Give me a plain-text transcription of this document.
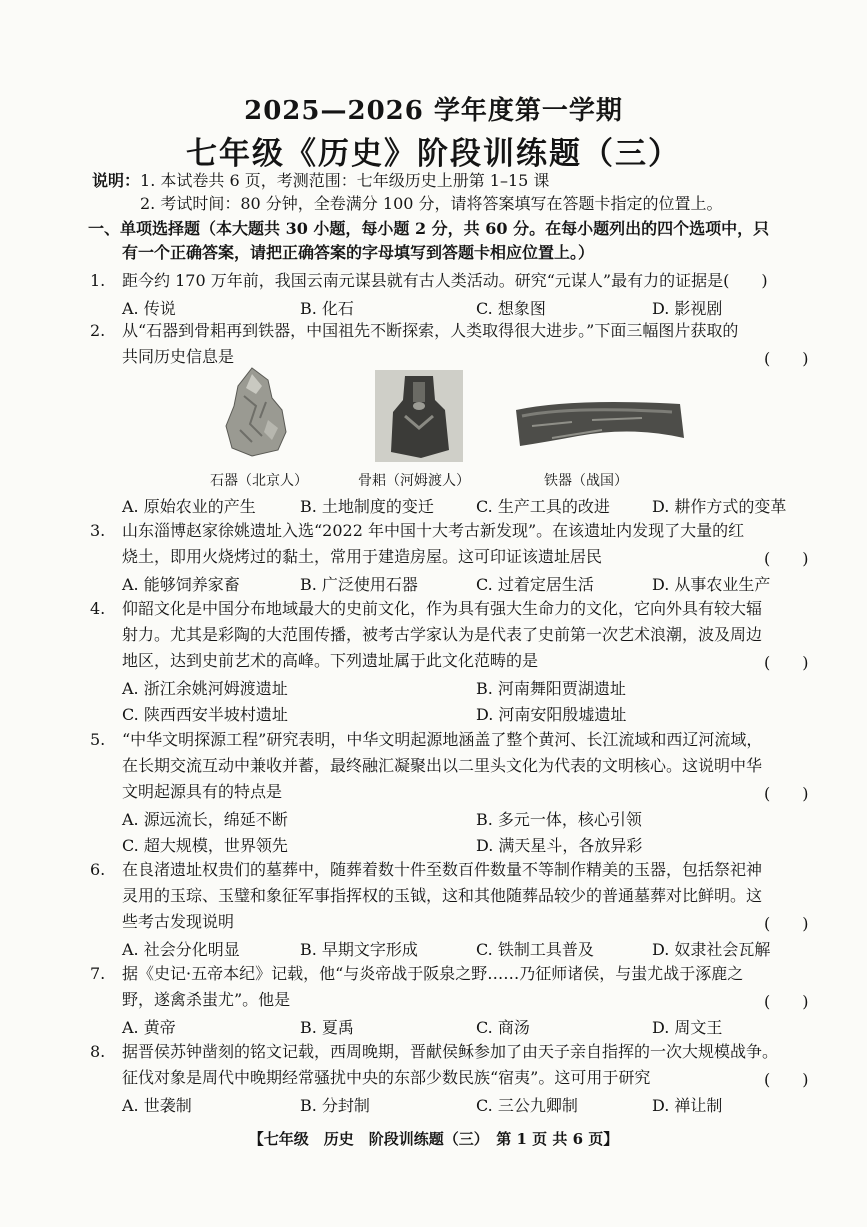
2025—2026 学年度第一学期
七年级《历史》阶段训练题（三）
说明：1. 本试卷共 6 页，考测范围：七年级历史上册第 1–15 课
2. 考试时间：80 分钟，全卷满分 100 分，请将答案填写在答题卡指定的位置上。
一、单项选择题（本大题共 30 小题，每小题 2 分，共 60 分。在每小题列出的四个选项中，只
有一个正确答案，请把正确答案的字母填写到答题卡相应位置上。）
1. 距今约 170 万年前，我国云南元谋县就有古人类活动。研究“元谋人”最有力的证据是(　　)
A. 传说	B. 化石	C. 想象图	D. 影视剧
2. 从“石器到骨耜再到铁器，中国祖先不断探索，人类取得很大进步。”下面三幅图片获取的
共同历史信息是	(　　)
石器（北京人）	骨耜（河姆渡人）	铁器（战国）
A. 原始农业的产生	B. 土地制度的变迁	C. 生产工具的改进	D. 耕作方式的变革
3. 山东淄博赵家徐姚遗址入选“2022 年中国十大考古新发现”。在该遗址内发现了大量的红
烧土，即用火烧烤过的黏土，常用于建造房屋。这可印证该遗址居民	(　　)
A. 能够饲养家畜	B. 广泛使用石器	C. 过着定居生活	D. 从事农业生产
4. 仰韶文化是中国分布地域最大的史前文化，作为具有强大生命力的文化，它向外具有较大辐
射力。尤其是彩陶的大范围传播，被考古学家认为是代表了史前第一次艺术浪潮，波及周边
地区，达到史前艺术的高峰。下列遗址属于此文化范畴的是	(　　)
A. 浙江余姚河姆渡遗址	B. 河南舞阳贾湖遗址
C. 陕西西安半坡村遗址	D. 河南安阳殷墟遗址
5. “中华文明探源工程”研究表明，中华文明起源地涵盖了整个黄河、长江流域和西辽河流域，
在长期交流互动中兼收并蓄，最终融汇凝聚出以二里头文化为代表的文明核心。这说明中华
文明起源具有的特点是	(　　)
A. 源远流长，绵延不断	B. 多元一体，核心引领
C. 超大规模，世界领先	D. 满天星斗，各放异彩
6. 在良渚遗址权贵们的墓葬中，随葬着数十件至数百件数量不等制作精美的玉器，包括祭祀神
灵用的玉琮、玉璧和象征军事指挥权的玉钺，这和其他随葬品较少的普通墓葬对比鲜明。这
些考古发现说明	(　　)
A. 社会分化明显	B. 早期文字形成	C. 铁制工具普及	D. 奴隶社会瓦解
7. 据《史记·五帝本纪》记载，他“与炎帝战于阪泉之野……乃征师诸侯，与蚩尤战于涿鹿之
野，遂禽杀蚩尤”。他是	(　　)
A. 黄帝	B. 夏禹	C. 商汤	D. 周文王
8. 据晋侯苏钟凿刻的铭文记载，西周晚期，晋献侯稣参加了由天子亲自指挥的一次大规模战争。
征伐对象是周代中晚期经常骚扰中央的东部少数民族“宿夷”。这可用于研究	(　　)
A. 世袭制	B. 分封制	C. 三公九卿制	D. 禅让制
【七年级　历史　阶段训练题（三）　第 1 页 共 6 页】
